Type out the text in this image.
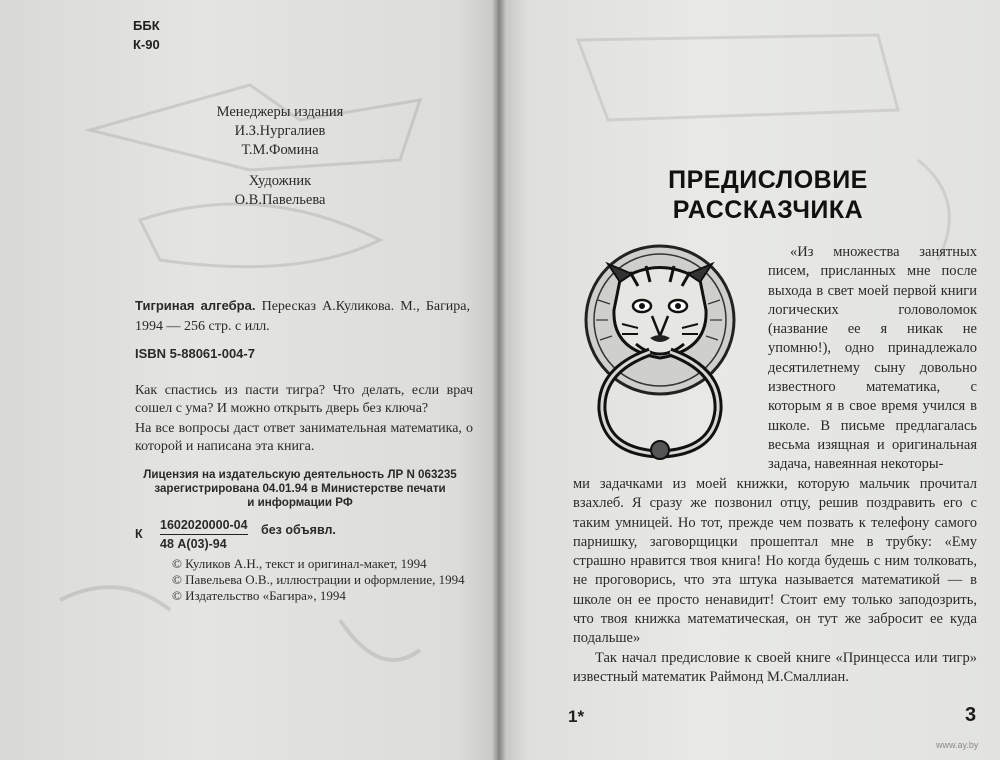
ББК
К-90
Менеджеры издания
И.З.Нургалиев
Т.М.Фомина
Художник
О.В.Павельева
Тигриная алгебра. Пересказ А.Куликова. М., Багира, 1994 — 256 стр. с илл.
ISBN 5-88061-004-7

Как спастись из пасти тигра? Что делать, если врач сошел с ума? И можно открыть дверь без ключа?

На все вопросы даст ответ занимательная математика, о которой и написана эта книга.

Лицензия на издательскую деятельность ЛР N 063235
зарегистрирована 04.01.94 в Министерстве печати
и информации РФ
К
1602020000-04
48 А(03)-94
без объявл.
© Куликов А.Н., текст и оригинал-макет, 1994
© Павельева О.В., иллюстрации и оформление, 1994
© Издательство «Багира», 1994
ПРЕДИСЛОВИЕ
РАССКАЗЧИКА

«Из множества занятных писем, присланных мне после выхода в свет моей первой книги логических головоломок (название ее я никак не упомню!), одно принадлежало десятилетнему сыну довольно известного математика, с которым я в свое время учился в школе. В письме предлагалась весьма изящная и оригинальная задача, навеянная некоторы-

ми задачками из моей книжки, которую мальчик прочитал взахлеб. Я сразу же позвонил отцу, решив поздравить его с таким умницей. Но тот, прежде чем позвать к телефону самого парнишку, заговорщицки прошептал мне в трубку: «Ему страшно нравится твоя книга! Но когда будешь с ним толковать, не проговорись, что эта штука называется математикой — в школе он ее просто ненавидит! Стоит ему только заподозрить, что твоя книжка математическая, он тут же забросит ее куда подальше»

Так начал предисловие к своей книге «Принцесса или тигр» известный математик Раймонд М.Смаллиан.

1*	3
www.ay.by
